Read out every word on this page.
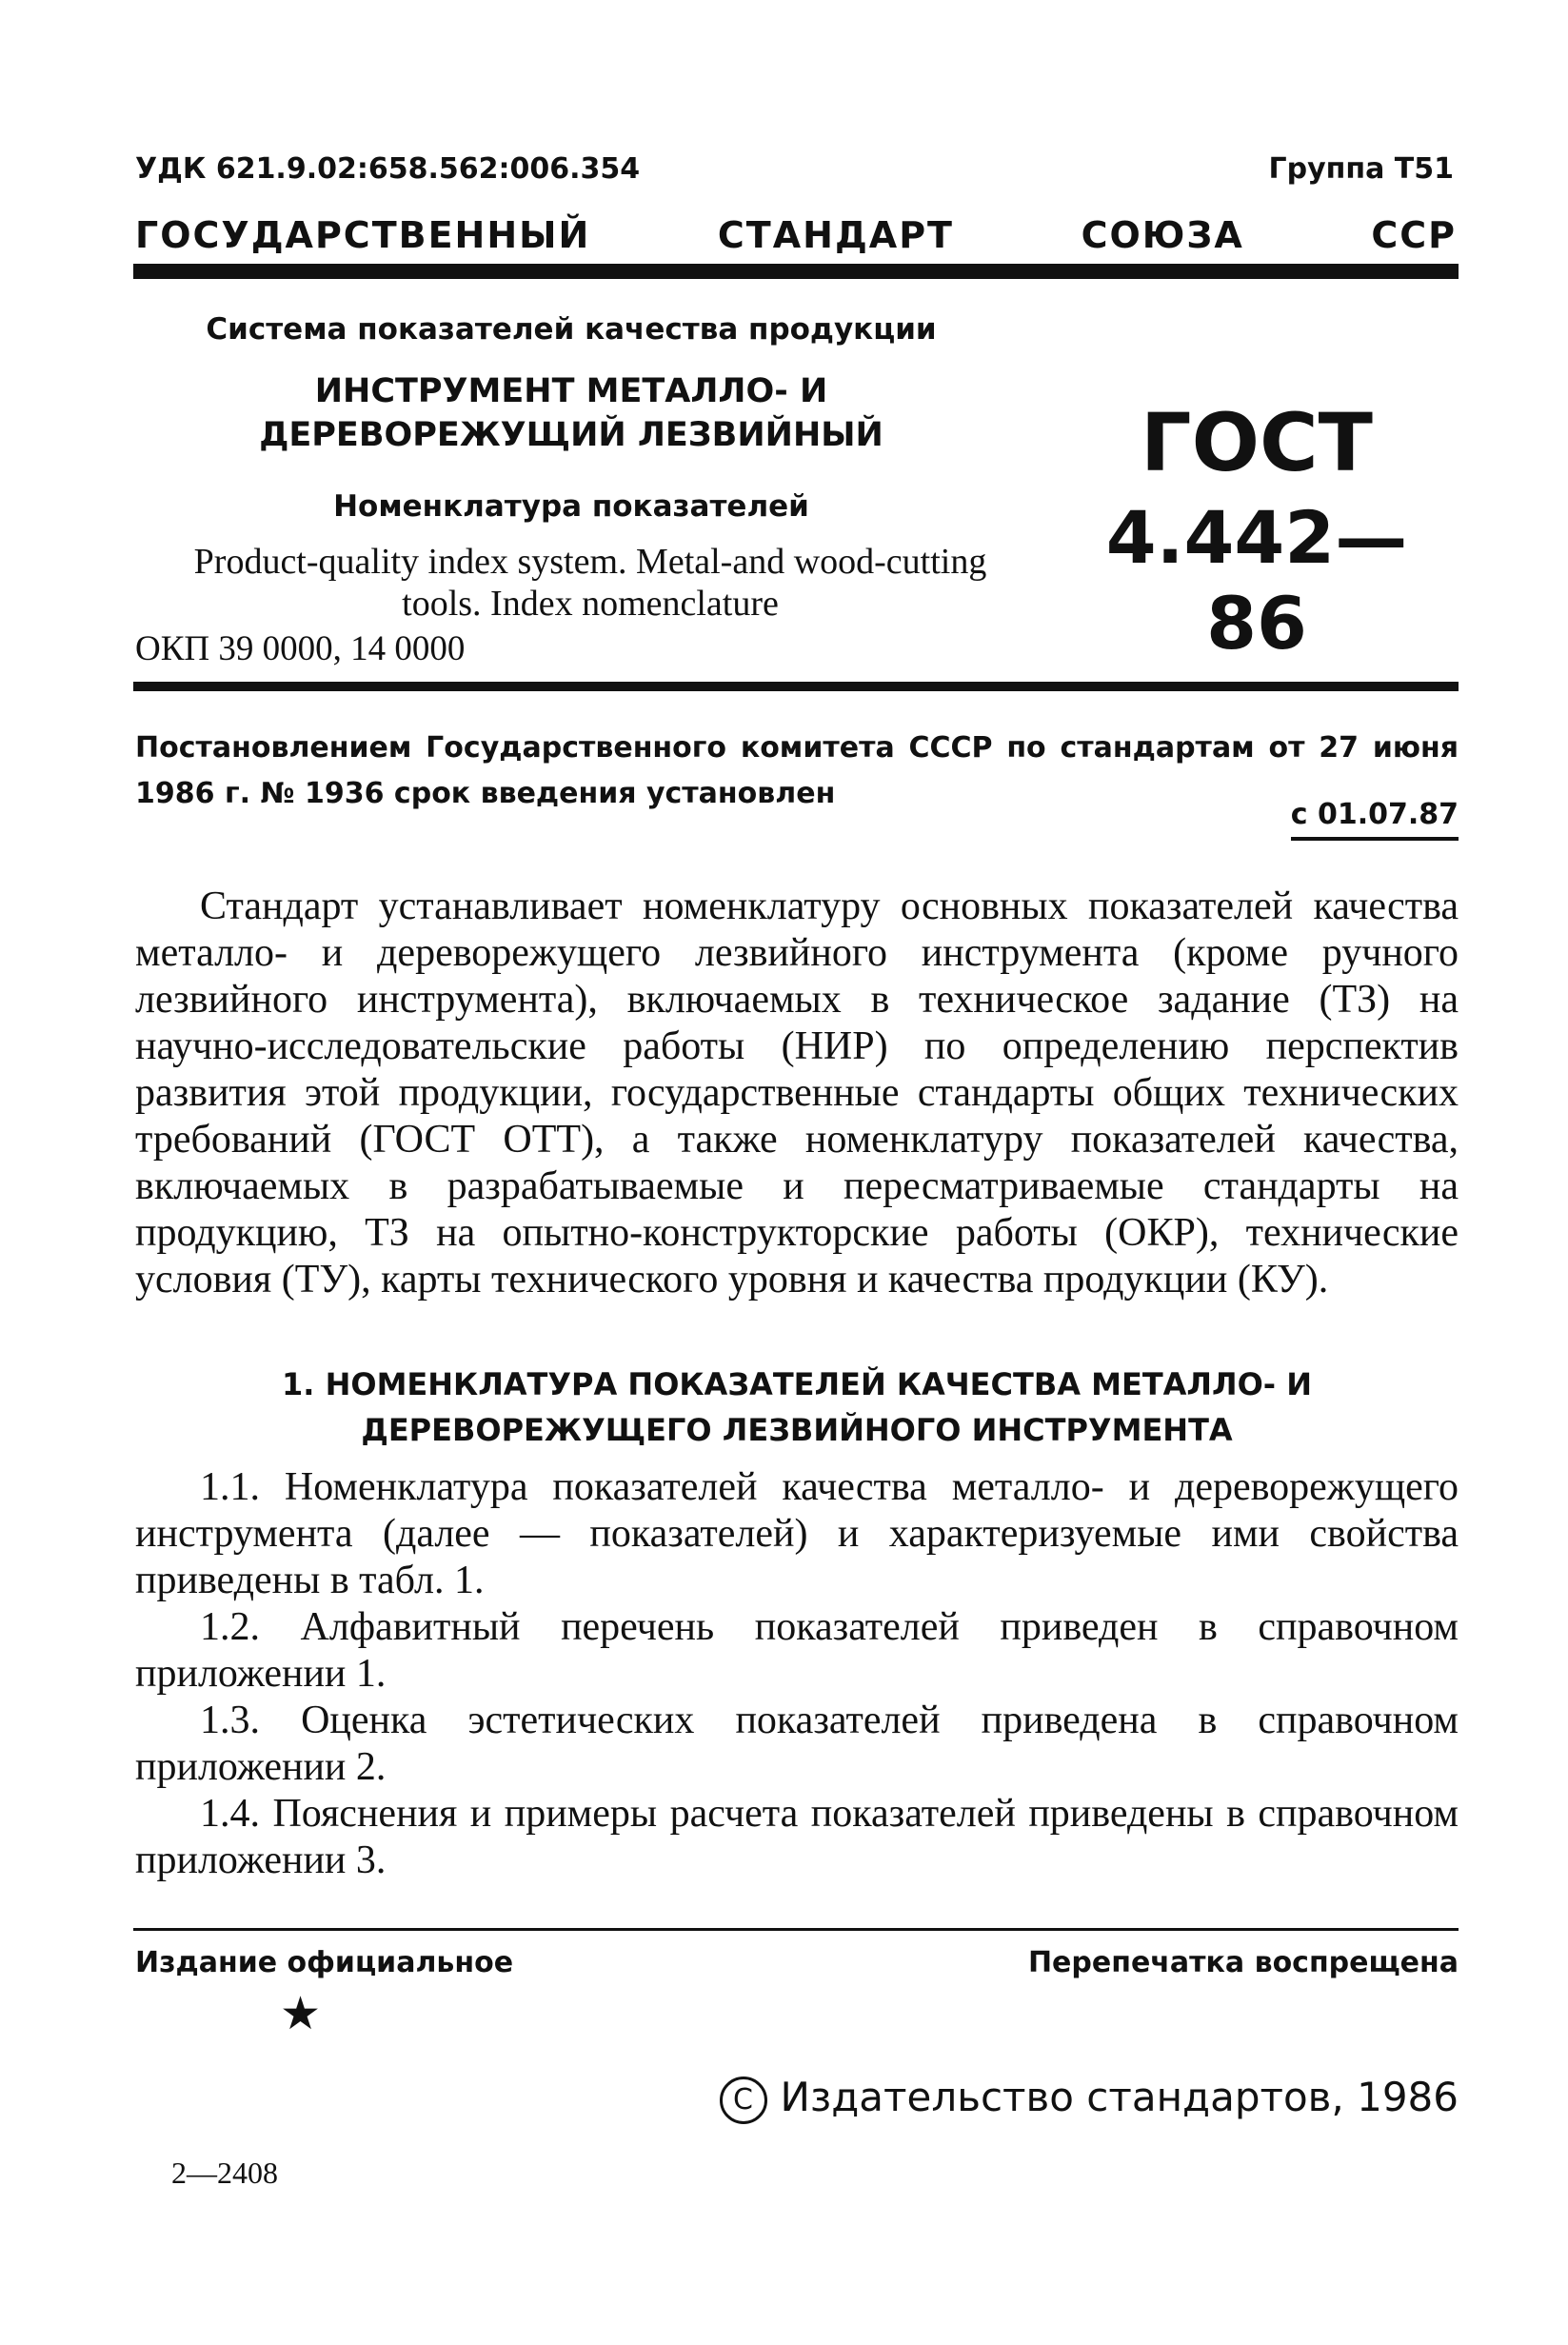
УДК 621.9.02:658.562:006.354	Группа Т51
ГОСУДАРСТВЕННЫЙ	СТАНДАРТ	СОЮЗА	ССР
Система показателей качества продукции
ИНСТРУМЕНТ МЕТАЛЛО- И ДЕРЕВОРЕЖУЩИЙ ЛЕЗВИЙНЫЙ
Номенклатура показателей
Product-quality index system. Metal-and wood-cutting tools. Index nomenclature
ОКП 39 0000, 14 0000
ГОСТ
4.442—86
Постановлением Государственного комитета СССР по стандартам от 27 июня 1986 г. № 1936 срок введения установлен
с 01.07.87
Стандарт устанавливает номенклатуру основных показателей качества металло- и дереворежущего лезвийного инструмента (кроме ручного лезвийного инструмента), включаемых в техническое задание (ТЗ) на научно-исследовательские работы (НИР) по определению перспектив развития этой продукции, государственные стандарты общих технических требований (ГОСТ ОТТ), а также номенклатуру показателей качества, включаемых в разрабатываемые и пересматриваемые стандарты на продукцию, ТЗ на опытно-конструкторские работы (ОКР), технические условия (ТУ), карты технического уровня и качества продукции (КУ).
1. НОМЕНКЛАТУРА ПОКАЗАТЕЛЕЙ КАЧЕСТВА МЕТАЛЛО- И ДЕРЕВОРЕЖУЩЕГО ЛЕЗВИЙНОГО ИНСТРУМЕНТА
1.1. Номенклатура показателей качества металло- и дереворежущего инструмента (далее — показателей) и характеризуемые ими свойства приведены в табл. 1.
1.2. Алфавитный перечень показателей приведен в справочном приложении 1.
1.3. Оценка эстетических показателей приведена в справочном приложении 2.
1.4. Пояснения и примеры расчета показателей приведены в справочном приложении 3.
Издание официальное	Перепечатка воспрещена
★
C Издательство стандартов, 1986
2—2408
